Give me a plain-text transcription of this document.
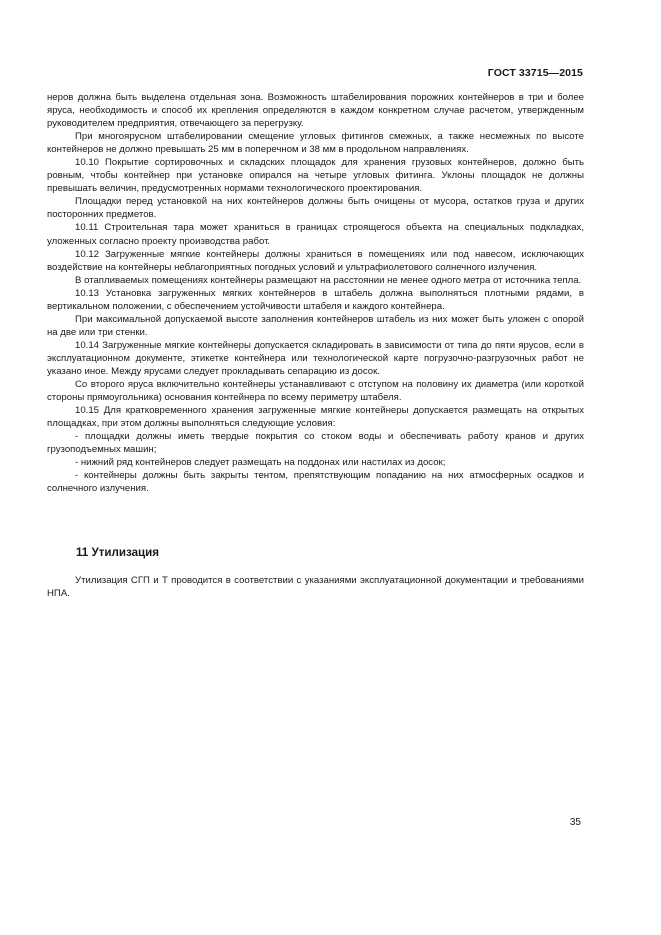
ГОСТ 33715—2015

неров должна быть выделена отдельная зона. Возможность штабелирования порожних контейнеров в три и более яруса, необходимость и способ их крепления определяются в каждом конкретном случае расчетом, утвержденным руководителем предприятия, отвечающего за перегрузку.

При многоярусном штабелировании смещение угловых фитингов смежных, а также несмежных по высоте контейнеров не должно превышать 25 мм в поперечном и 38 мм в продольном направлениях.

10.10 Покрытие сортировочных и складских площадок для хранения грузовых контейнеров, должно быть ровным, чтобы контейнер при установке опирался на четыре угловых фитинга. Уклоны площадок не должны превышать величин, предусмотренных нормами технологического проектирования.

Площадки перед установкой на них контейнеров должны быть очищены от мусора, остатков груза и других посторонних предметов.

10.11 Строительная тара может храниться в границах строящегося объекта на специальных подкладках, уложенных согласно проекту производства работ.

10.12 Загруженные мягкие контейнеры должны храниться в помещениях или под навесом, исключающих воздействие на контейнеры неблагоприятных погодных условий и ультрафиолетового солнечного излучения.

В отапливаемых помещениях контейнеры размещают на расстоянии не менее одного метра от источника тепла.

10.13 Установка загруженных мягких контейнеров в штабель должна выполняться плотными рядами, в вертикальном положении, с обеспечением устойчивости штабеля и каждого контейнера.

При максимальной допускаемой высоте заполнения контейнеров штабель из них может быть уложен с опорой на две или три стенки.

10.14 Загруженные мягкие контейнеры допускается складировать в зависимости от типа до пяти ярусов, если в эксплуатационном документе, этикетке контейнера или технологической карте погрузочно-разгрузочных работ не указано иное. Между ярусами следует прокладывать сепарацию из досок.

Со второго яруса включительно контейнеры устанавливают с отступом на половину их диаметра (или короткой стороны прямоугольника) основания контейнера по всему периметру штабеля.

10.15 Для кратковременного хранения загруженные мягкие контейнеры допускается размещать на открытых площадках, при этом должны выполняться следующие условия:

- площадки должны иметь твердые покрытия со стоком воды и обеспечивать работу кранов и других грузоподъемных машин;

- нижний ряд контейнеров следует размещать на поддонах или настилах из досок;

- контейнеры должны быть закрыты тентом, препятствующим попаданию на них атмосферных осадков и солнечного излучения.

11 Утилизация

Утилизация СГП и Т проводится в соответствии с указаниями эксплуатационной документации и требованиями НПА.

35
